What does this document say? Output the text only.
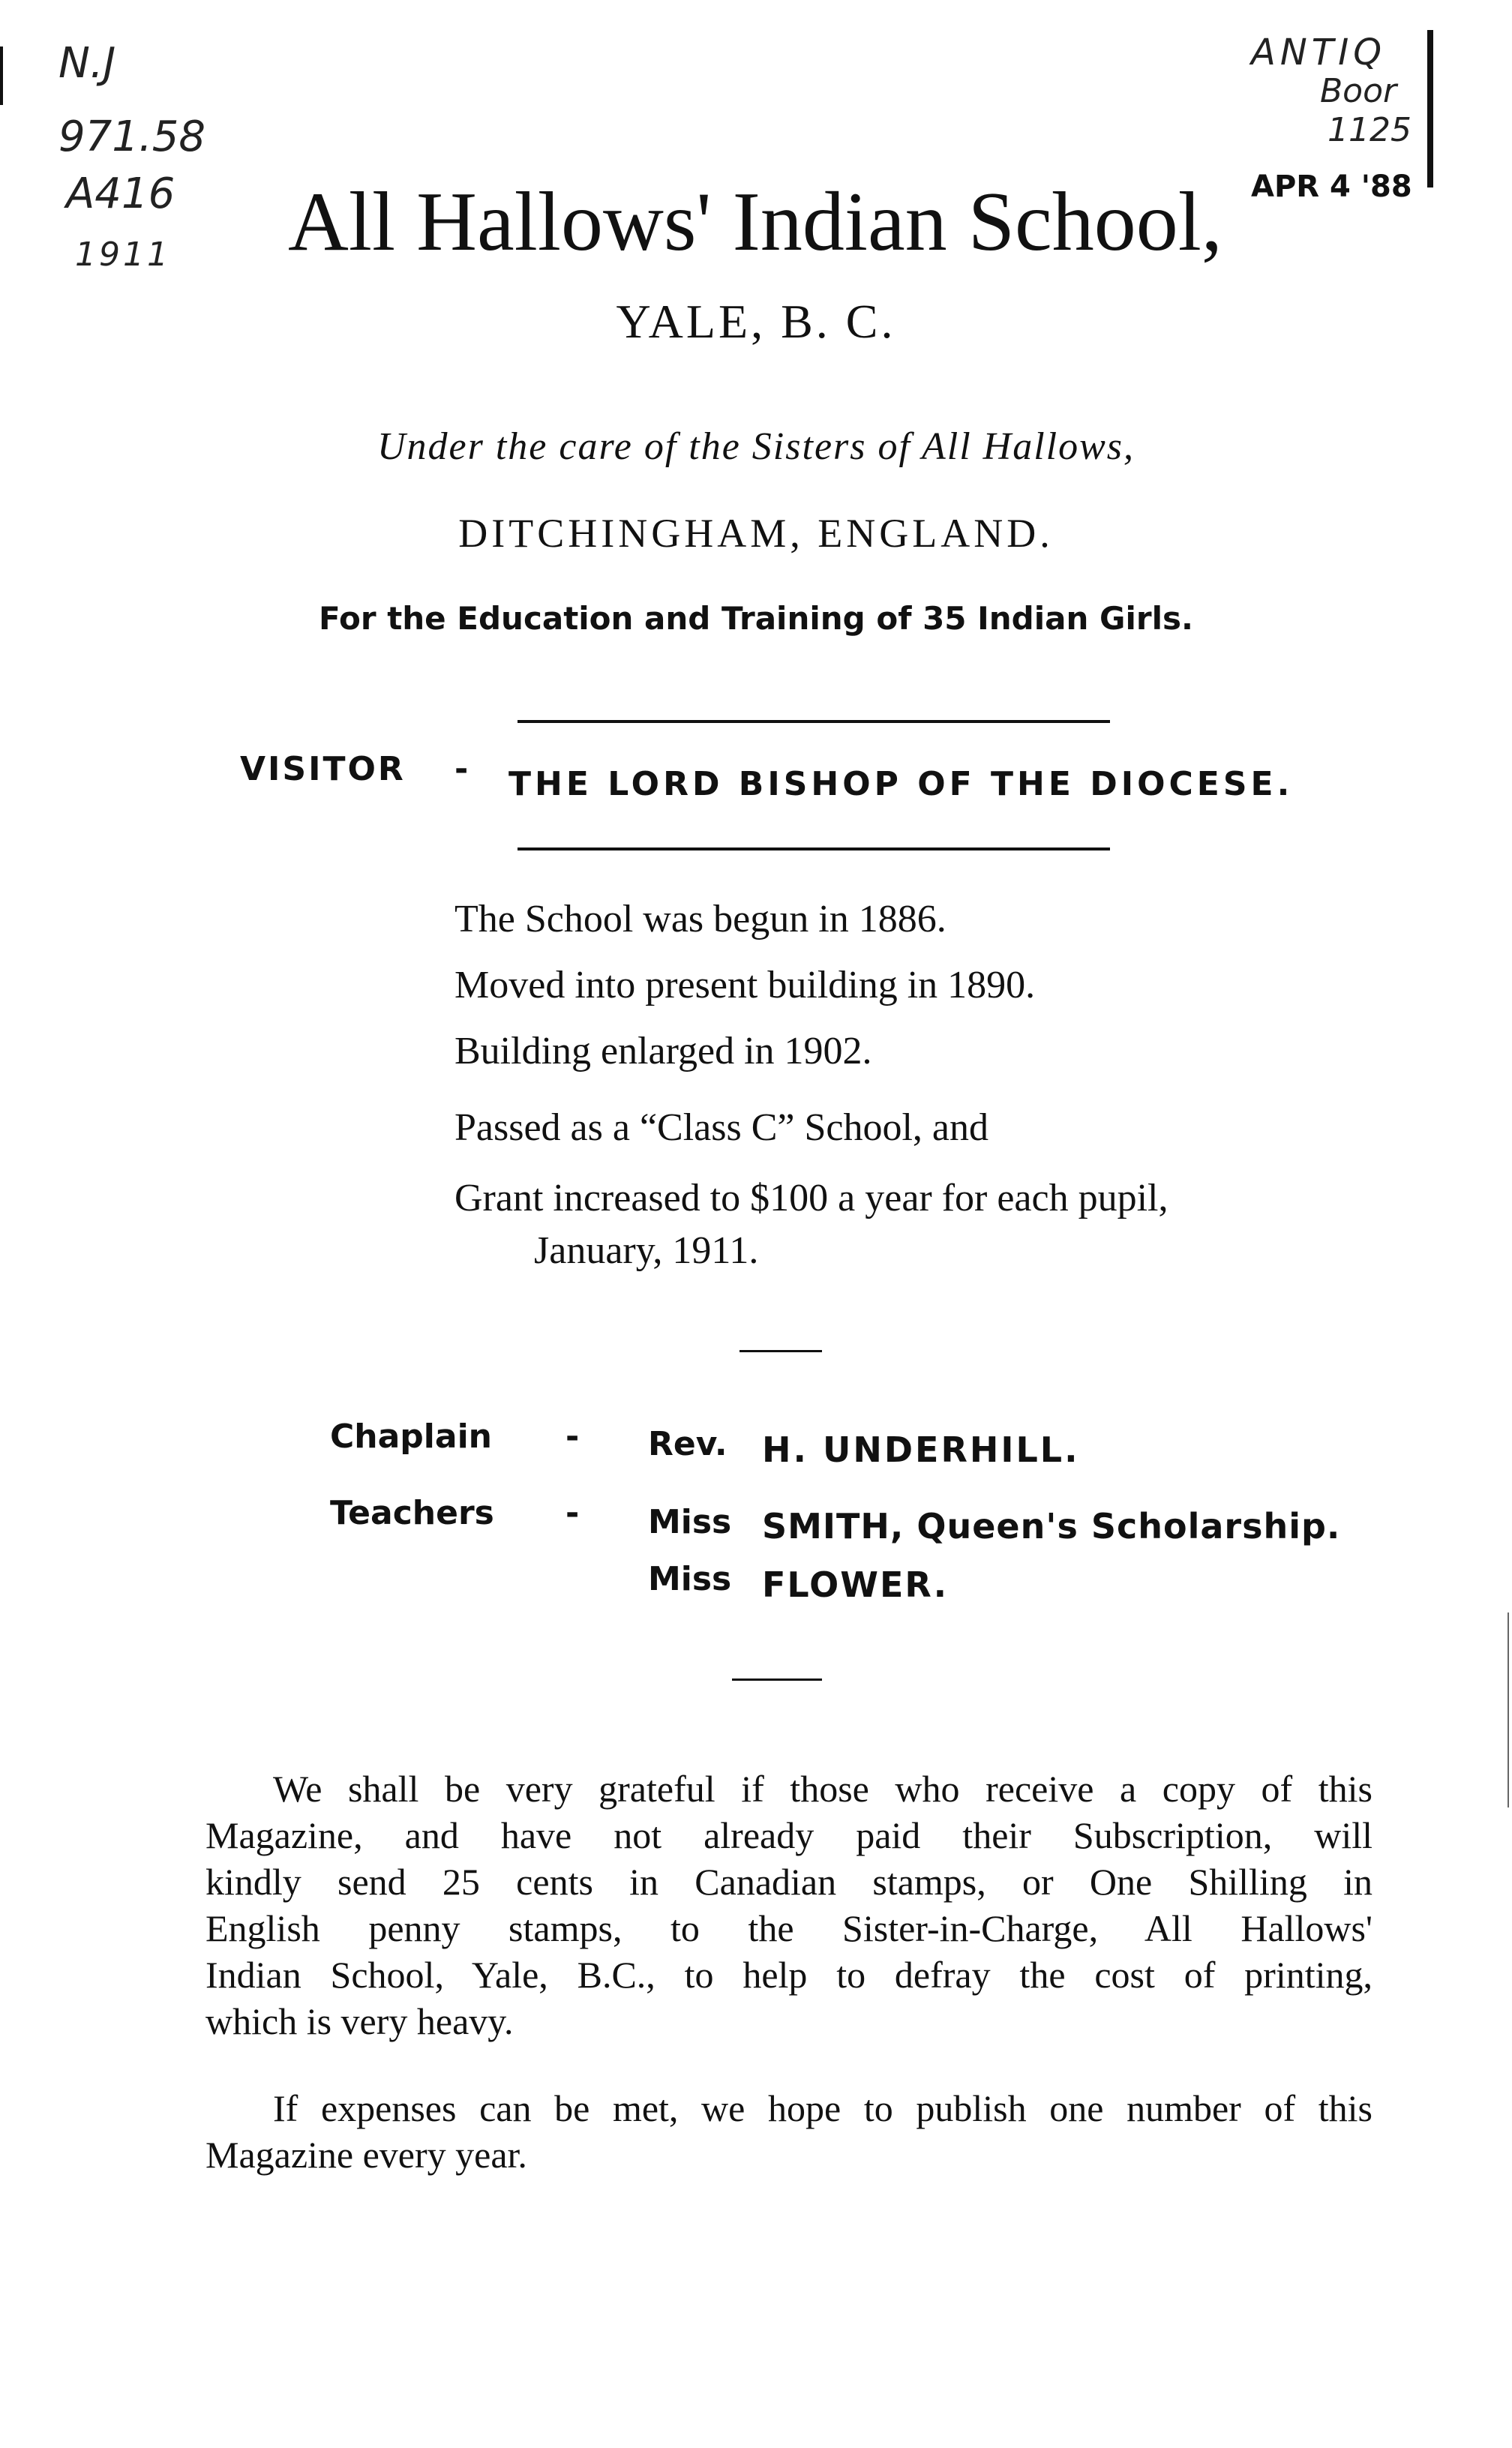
N.J
971.58
A416
1911
ANTIQ
Boor
1125
APR 4 '88
All Hallows' Indian School,
YALE, B. C.
Under the care of the Sisters of All Hallows,
DITCHINGHAM, ENGLAND.
For the Education and Training of 35 Indian Girls.
VISITOR - THE LORD BISHOP OF THE DIOCESE.
The School was begun in 1886.
Moved into present building in 1890.
Building enlarged in 1902.
Passed as a “Class C” School, and
Grant increased to $100 a year for each pupil,
January, 1911.
Chaplain - Rev. H. UNDERHILL.
Teachers - Miss SMITH, Queen's Scholarship.
Miss FLOWER.
We shall be very grateful if those who receive a copy of this
Magazine, and have not already paid their Subscription, will
kindly send 25 cents in Canadian stamps, or One Shilling in
English penny stamps, to the Sister-in-Charge, All Hallows'
Indian School, Yale, B.C., to help to defray the cost of printing,
which is very heavy.
If expenses can be met, we hope to publish one number of this
Magazine every year.
